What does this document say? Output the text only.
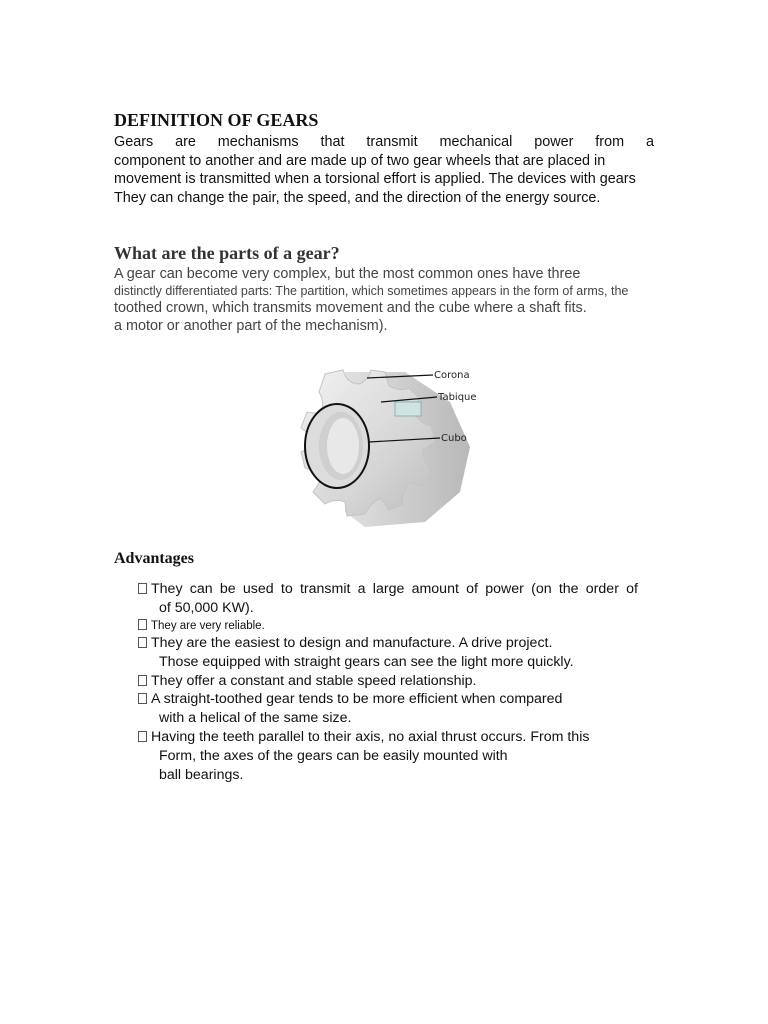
DEFINITION OF GEARS
Gears are mechanisms that transmit mechanical power from a
component to another and are made up of two gear wheels that are placed in
movement is transmitted when a torsional effort is applied. The devices with gears
They can change the pair, the speed, and the direction of the energy source.
What are the parts of a gear?
A gear can become very complex, but the most common ones have three
distinctly differentiated parts: The partition, which sometimes appears in the form of arms, the
toothed crown, which transmits movement and the cube where a shaft fits.
a motor or another part of the mechanism).
Corona
Tabique
Cubo
Advantages
They can be used to transmit a large amount of power (on the order of
of 50,000 KW).
They are very reliable.
They are the easiest to design and manufacture. A drive project.
Those equipped with straight gears can see the light more quickly.
They offer a constant and stable speed relationship.
A straight-toothed gear tends to be more efficient when compared
with a helical of the same size.
Having the teeth parallel to their axis, no axial thrust occurs. From this
Form, the axes of the gears can be easily mounted with
ball bearings.
